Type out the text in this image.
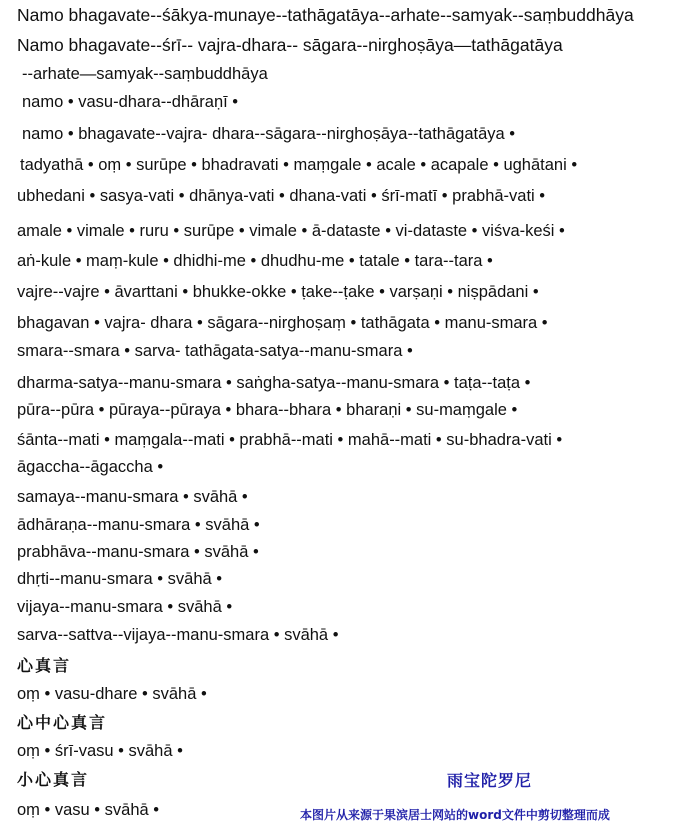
Namo bhagavate--śākya-munaye--tathāgatāya--arhate--samyak--saṃbuddhāya
Namo bhagavate--śrī-- vajra-dhara-- sāgara--nirghoṣāya—tathāgatāya
--arhate—samyak--saṃbuddhāya
namo • vasu-dhara--dhāraṇī •
namo • bhagavate--vajra- dhara--sāgara--nirghoṣāya--tathāgatāya •
tadyathā • oṃ • surūpe • bhadravati • maṃgale • acale • acapale • ughātani •
ubhedani • sasya-vati • dhānya-vati • dhana-vati • śrī-matī • prabhā-vati •
amale • vimale • ruru • surūpe • vimale • ā-dataste • vi-dataste • viśva-keśi •
aṅ-kule • maṃ-kule • dhidhi-me • dhudhu-me • tatale • tara--tara •
vajre--vajre • āvarttani • bhukke-okke • ṭake--ṭake • varṣaṇi • niṣpādani •
bhagavan • vajra- dhara • sāgara--nirghoṣaṃ • tathāgata • manu-smara •
smara--smara • sarva- tathāgata-satya--manu-smara •
dharma-satya--manu-smara • saṅgha-satya--manu-smara • taṭa--taṭa •
pūra--pūra • pūraya--pūraya • bhara--bhara • bharaṇi • su-maṃgale •
śānta--mati • maṃgala--mati • prabhā--mati • mahā--mati • su-bhadra-vati •
āgaccha--āgaccha •
samaya--manu-smara • svāhā •
ādhāraṇa--manu-smara • svāhā •
prabhāva--manu-smara • svāhā •
dhṛti--manu-smara • svāhā •
vijaya--manu-smara • svāhā •
sarva--sattva--vijaya--manu-smara • svāhā •
心真言
oṃ • vasu-dhare • svāhā •
心中心真言
oṃ • śrī-vasu • svāhā •
小心真言
oṃ • vasu • svāhā •
雨宝陀罗尼
本图片从来源于果滨居士网站的word文件中剪切整理而成
